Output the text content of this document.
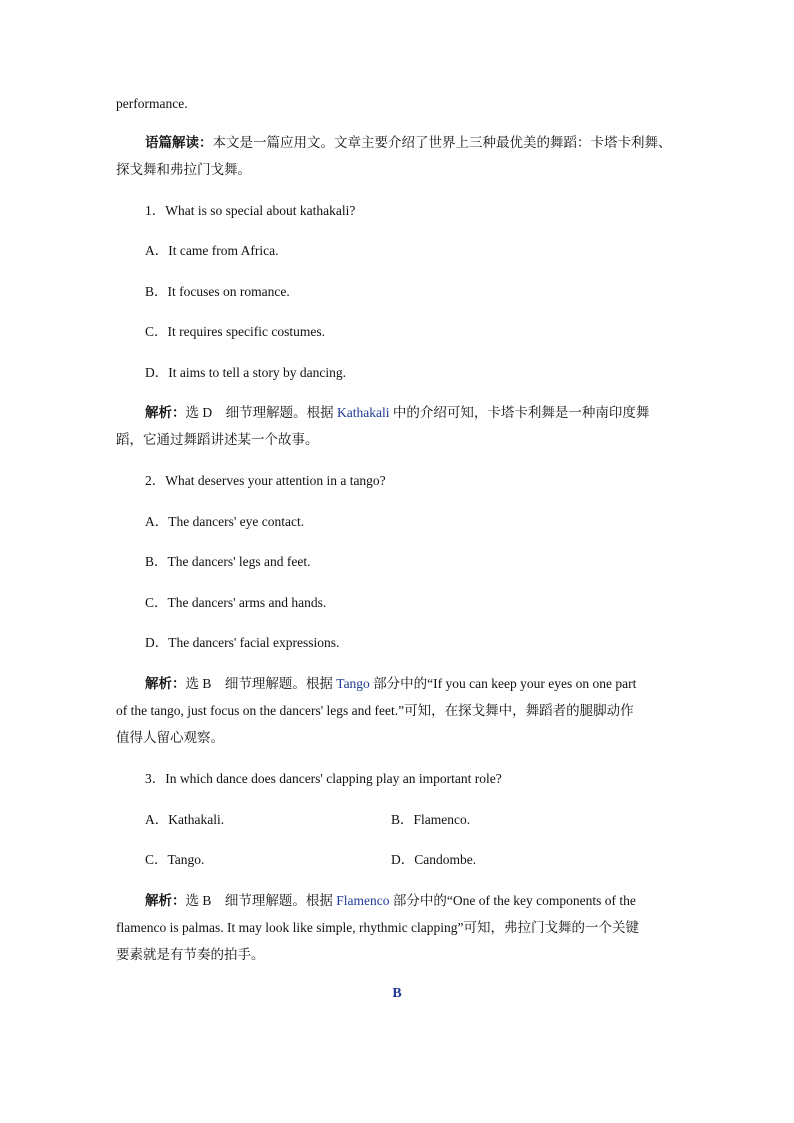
performance.
语篇解读：本文是一篇应用文。文章主要介绍了世界上三种最优美的舞蹈：卡塔卡利舞、
探戈舞和弗拉门戈舞。
1．What is so special about kathakali?
A．It came from Africa.
B．It focuses on romance.
C．It requires specific costumes.
D．It aims to tell a story by dancing.
解析：选 D　细节理解题。根据 Kathakali 中的介绍可知，卡塔卡利舞是一种南印度舞
蹈，它通过舞蹈讲述某一个故事。
2．What deserves your attention in a tango?
A．The dancers' eye contact.
B．The dancers' legs and feet.
C．The dancers' arms and hands.
D．The dancers' facial expressions.
解析：选 B　细节理解题。根据 Tango 部分中的“If you can keep your eyes on one part
of the tango, just focus on the dancers' legs and feet.”可知，在探戈舞中，舞蹈者的腿脚动作
值得人留心观察。
3．In which dance does dancers' clapping play an important role?
A．Kathakali.	B．Flamenco.
C．Tango.	D．Candombe.
解析：选 B　细节理解题。根据 Flamenco 部分中的“One of the key components of the
flamenco is palmas. It may look like simple, rhythmic clapping”可知，弗拉门戈舞的一个关键
要素就是有节奏的拍手。
B
